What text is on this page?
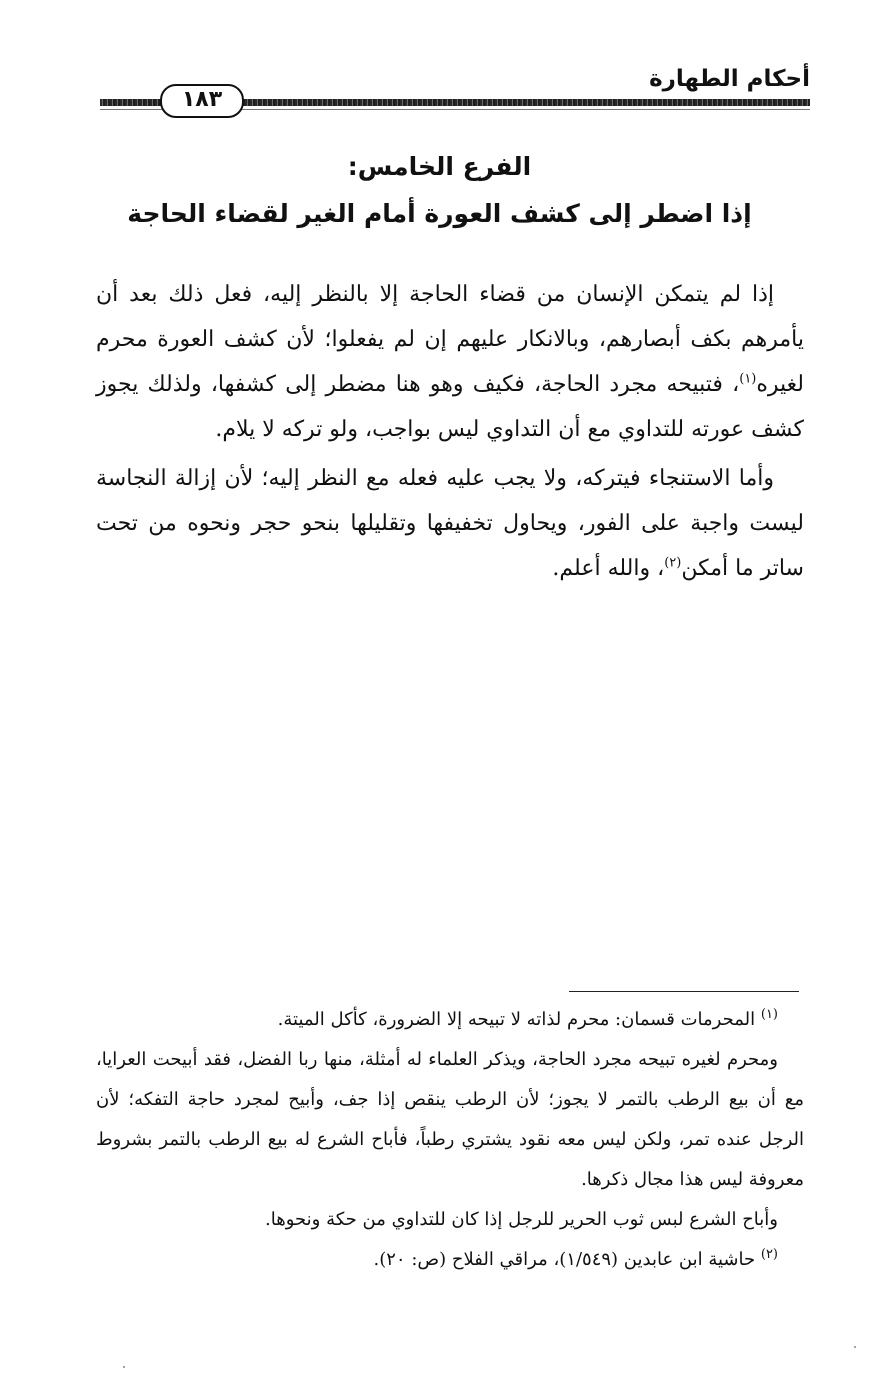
أحكام الطهارة
١٨٣
الفرع الخامس:
إذا اضطر إلى كشف العورة أمام الغير لقضاء الحاجة

إذا لم يتمكن الإنسان من قضاء الحاجة إلا بالنظر إليه، فعل ذلك بعد أن يأمرهم بكف أبصارهم، وبالانكار عليهم إن لم يفعلوا؛ لأن كشف العورة محرم لغيره$^{(١)}$، فتبيحه مجرد الحاجة، فكيف وهو هنا مضطر إلى كشفها، ولذلك يجوز كشف عورته للتداوي مع أن التداوي ليس بواجب، ولو تركه لا يلام.

وأما الاستنجاء فيتركه، ولا يجب عليه فعله مع النظر إليه؛ لأن إزالة النجاسة ليست واجبة على الفور، ويحاول تخفيفها وتقليلها بنحو حجر ونحوه من تحت ساتر ما أمكن$^{(٢)}$، والله أعلم.

$^{(١)}$ المحرمات قسمان: محرم لذاته لا تبيحه إلا الضرورة، كأكل الميتة.

ومحرم لغيره تبيحه مجرد الحاجة، ويذكر العلماء له أمثلة، منها ربا الفضل، فقد أبيحت العرايا، مع أن بيع الرطب بالتمر لا يجوز؛ لأن الرطب ينقص إذا جف، وأبيح لمجرد حاجة التفكه؛ لأن الرجل عنده تمر، ولكن ليس معه نقود يشتري رطباً، فأباح الشرع له بيع الرطب بالتمر بشروط معروفة ليس هذا مجال ذكرها.

وأباح الشرع لبس ثوب الحرير للرجل إذا كان للتداوي من حكة ونحوها.

$^{(٢)}$ حاشية ابن عابدين (١/٥٤٩)، مراقي الفلاح (ص: ٢٠).
